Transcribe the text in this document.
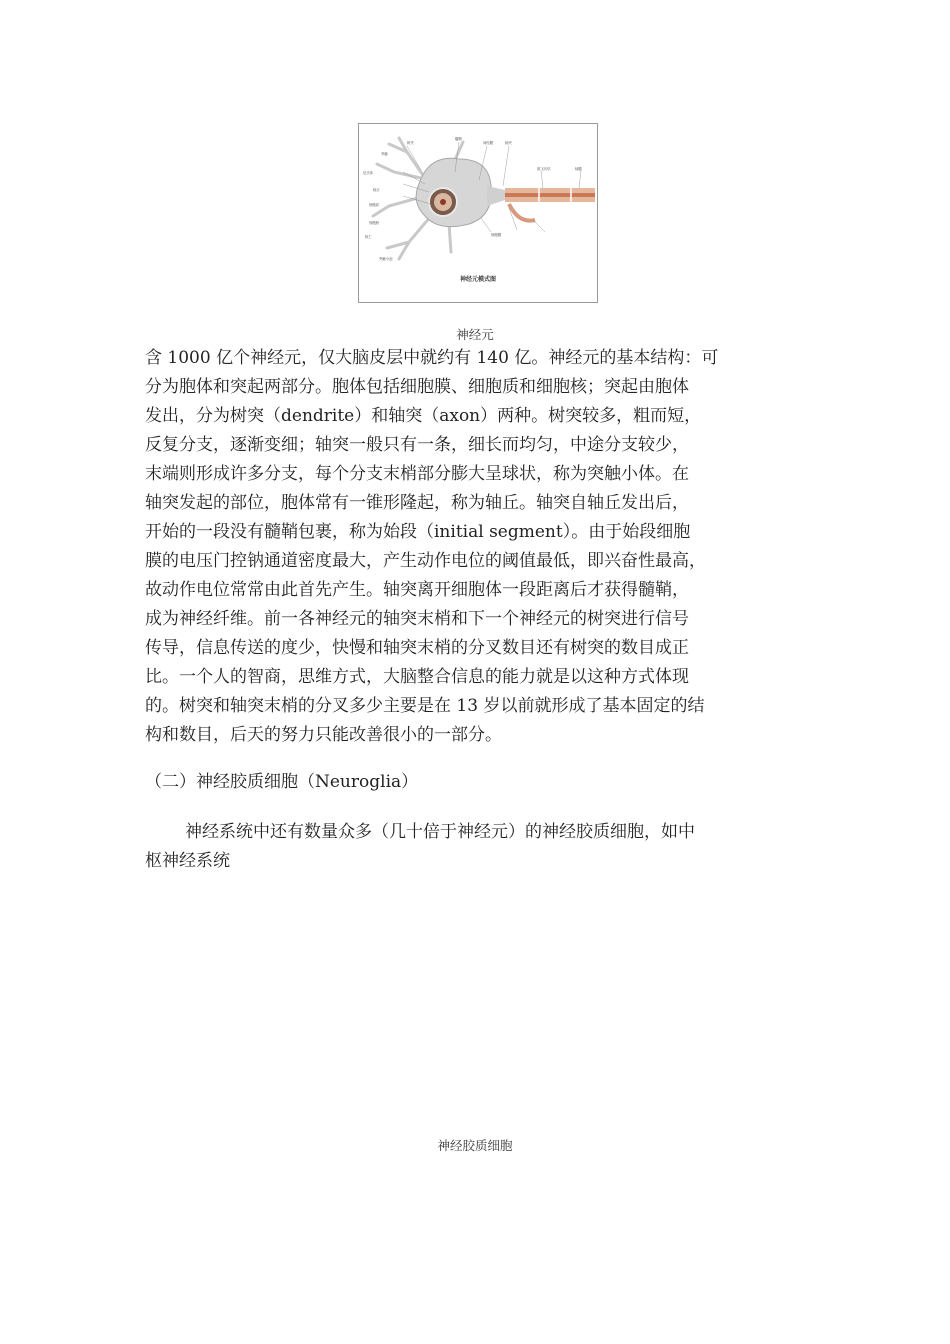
树突
突触
尼氏体
轴丘
细胞质
细胞核
核仁
突触小泡
髓鞘
神经膜	轴突
郎飞氏结	轴膜
细胞膜
神经元模式图
神经元
含 1000 亿个神经元，仅大脑皮层中就约有 140 亿。神经元的基本结构：可
分为胞体和突起两部分。胞体包括细胞膜、细胞质和细胞核；突起由胞体
发出，分为树突（dendrite）和轴突（axon）两种。树突较多，粗而短，
反复分支，逐渐变细；轴突一般只有一条，细长而均匀，中途分支较少，
末端则形成许多分支，每个分支末梢部分膨大呈球状，称为突触小体。在
轴突发起的部位，胞体常有一锥形隆起，称为轴丘。轴突自轴丘发出后，
开始的一段没有髓鞘包裹，称为始段（initial segment）。由于始段细胞
膜的电压门控钠通道密度最大，产生动作电位的阈值最低，即兴奋性最高，
故动作电位常常由此首先产生。轴突离开细胞体一段距离后才获得髓鞘，
成为神经纤维。前一各神经元的轴突末梢和下一个神经元的树突进行信号
传导，信息传送的度少，快慢和轴突末梢的分叉数目还有树突的数目成正
比。一个人的智商，思维方式，大脑整合信息的能力就是以这种方式体现
的。树突和轴突末梢的分叉多少主要是在 13 岁以前就形成了基本固定的结
构和数目，后天的努力只能改善很小的一部分。
（二）神经胶质细胞（Neuroglia）
神经系统中还有数量众多（几十倍于神经元）的神经胶质细胞，如中
枢神经系统
神经胶质细胞
